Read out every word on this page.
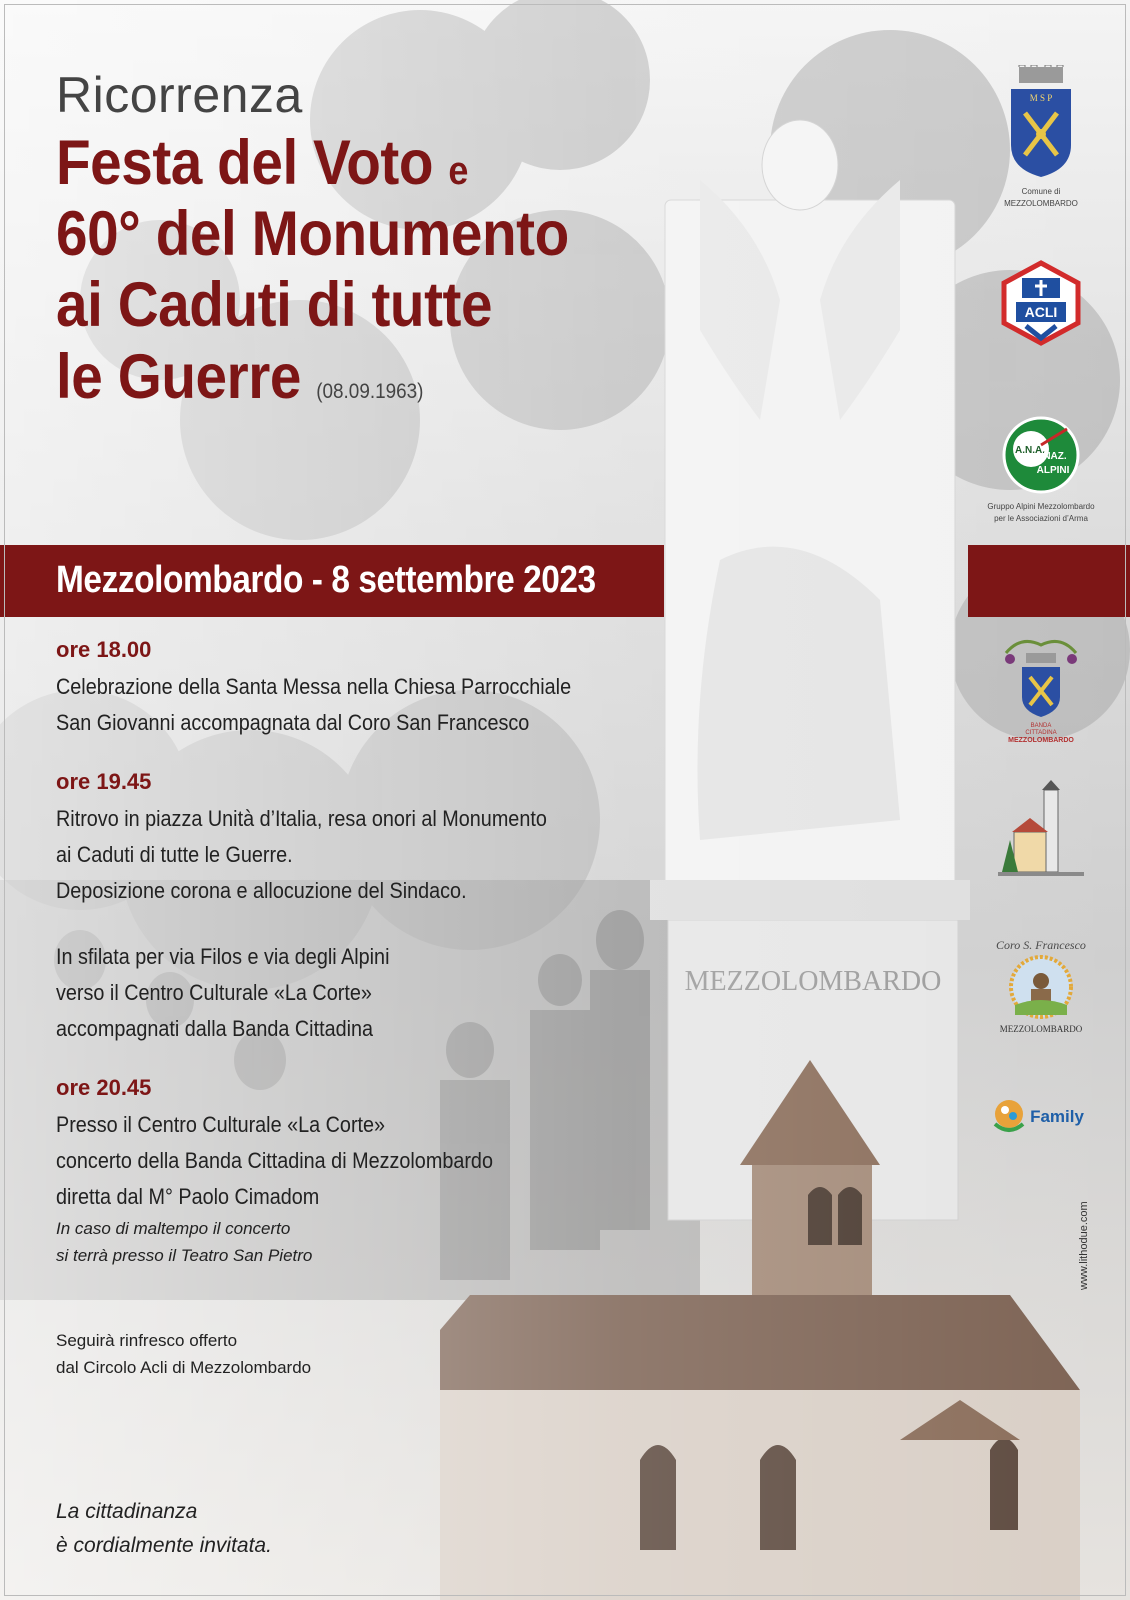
Ricorrenza
Festa del Voto e
60° del Monumento
ai Caduti di tutte
le Guerre (08.09.1963)
Mezzolombardo - 8 settembre 2023
ore 18.00

Celebrazione della Santa Messa nella Chiesa Parrocchiale

San Giovanni accompagnata dal Coro San Francesco

ore 19.45

Ritrovo in piazza Unità d’Italia, resa onori al Monumento

ai Caduti di tutte le Guerre.

Deposizione corona e allocuzione del Sindaco.

In sfilata per via Filos e via degli Alpini

verso il Centro Culturale «La Corte»

accompagnati dalla Banda Cittadina

ore 20.45

Presso il Centro Culturale «La Corte»

concerto della Banda Cittadina di Mezzolombardo

diretta dal M° Paolo Cimadom

In caso di maltempo il concerto

si terrà presso il Teatro San Pietro

Seguirà rinfresco offerto

dal Circolo Acli di Mezzolombardo

La cittadinanza
è cordialmente invitata.
M S P
Comune di
MEZZOLOMBARDO
ACLI
A.N.A.
NAZ.
ALPINI
Gruppo Alpini Mezzolombardo
per le Associazioni d’Arma
BANDA
CITTADINA
MEZZOLOMBARDO
Coro S. Francesco
MEZZOLOMBARDO
Family
www.lithodue.com
